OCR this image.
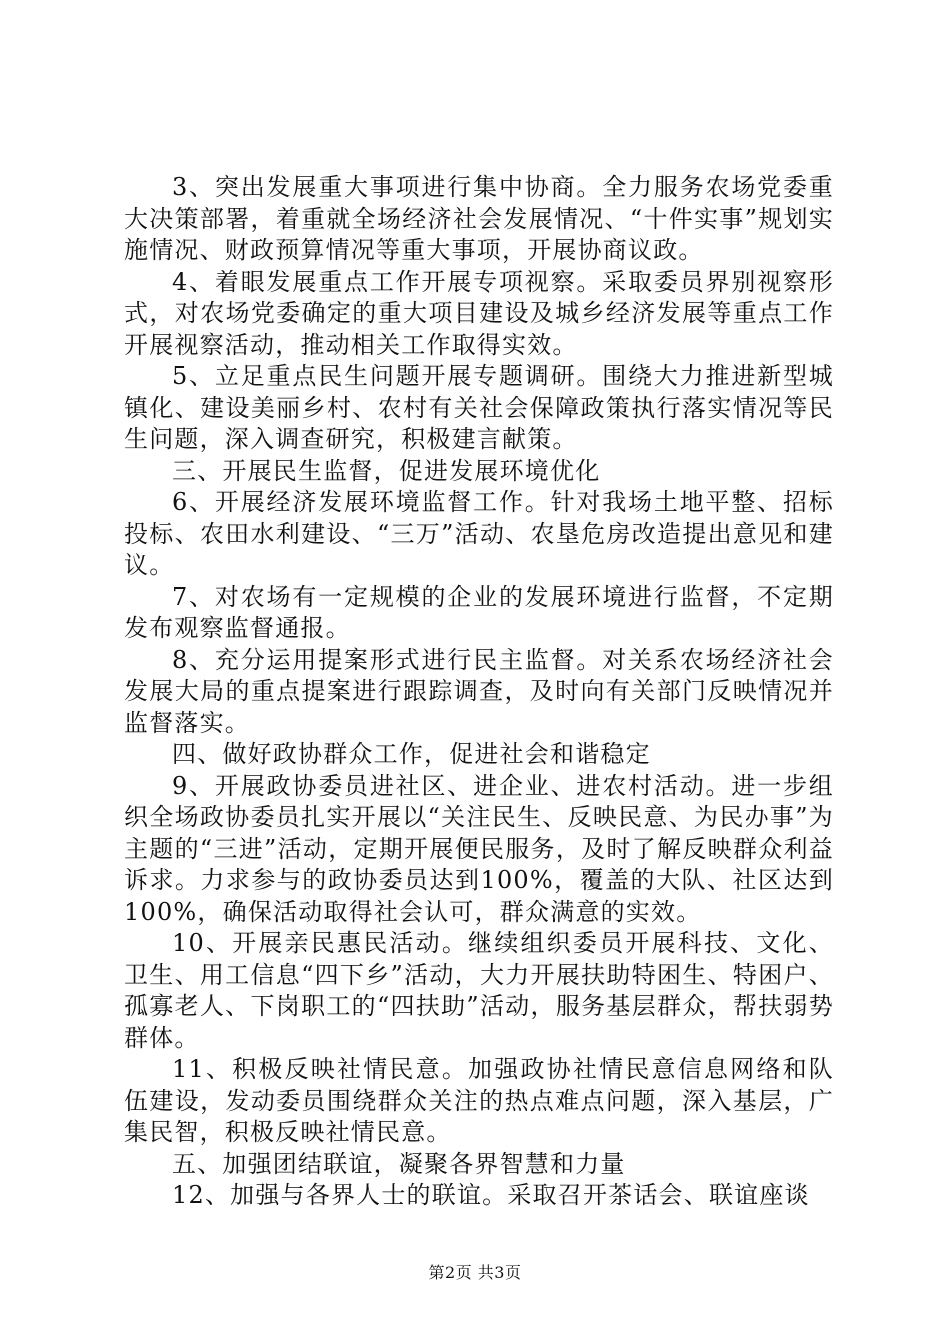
3、突出发展重大事项进行集中协商。全力服务农场党委重大决策部署，着重就全场经济社会发展情况、“十件实事”规划实施情况、财政预算情况等重大事项，开展协商议政。

4、着眼发展重点工作开展专项视察。采取委员界别视察形式，对农场党委确定的重大项目建设及城乡经济发展等重点工作开展视察活动，推动相关工作取得实效。

5、立足重点民生问题开展专题调研。围绕大力推进新型城镇化、建设美丽乡村、农村有关社会保障政策执行落实情况等民生问题，深入调查研究，积极建言献策。

三、开展民生监督，促进发展环境优化

6、开展经济发展环境监督工作。针对我场土地平整、招标投标、农田水利建设、“三万”活动、农垦危房改造提出意见和建议。

7、对农场有一定规模的企业的发展环境进行监督，不定期发布观察监督通报。

8、充分运用提案形式进行民主监督。对关系农场经济社会发展大局的重点提案进行跟踪调查，及时向有关部门反映情况并监督落实。

四、做好政协群众工作，促进社会和谐稳定

9、开展政协委员进社区、进企业、进农村活动。进一步组织全场政协委员扎实开展以“关注民生、反映民意、为民办事”为主题的“三进”活动，定期开展便民服务，及时了解反映群众利益诉求。力求参与的政协委员达到100%，覆盖的大队、社区达到100%，确保活动取得社会认可，群众满意的实效。

10、开展亲民惠民活动。继续组织委员开展科技、文化、卫生、用工信息“四下乡”活动，大力开展扶助特困生、特困户、孤寡老人、下岗职工的“四扶助”活动，服务基层群众，帮扶弱势群体。

11、积极反映社情民意。加强政协社情民意信息网络和队伍建设，发动委员围绕群众关注的热点难点问题，深入基层，广集民智，积极反映社情民意。

五、加强团结联谊，凝聚各界智慧和力量

12、加强与各界人士的联谊。采取召开茶话会、联谊座谈

第2页 共3页
